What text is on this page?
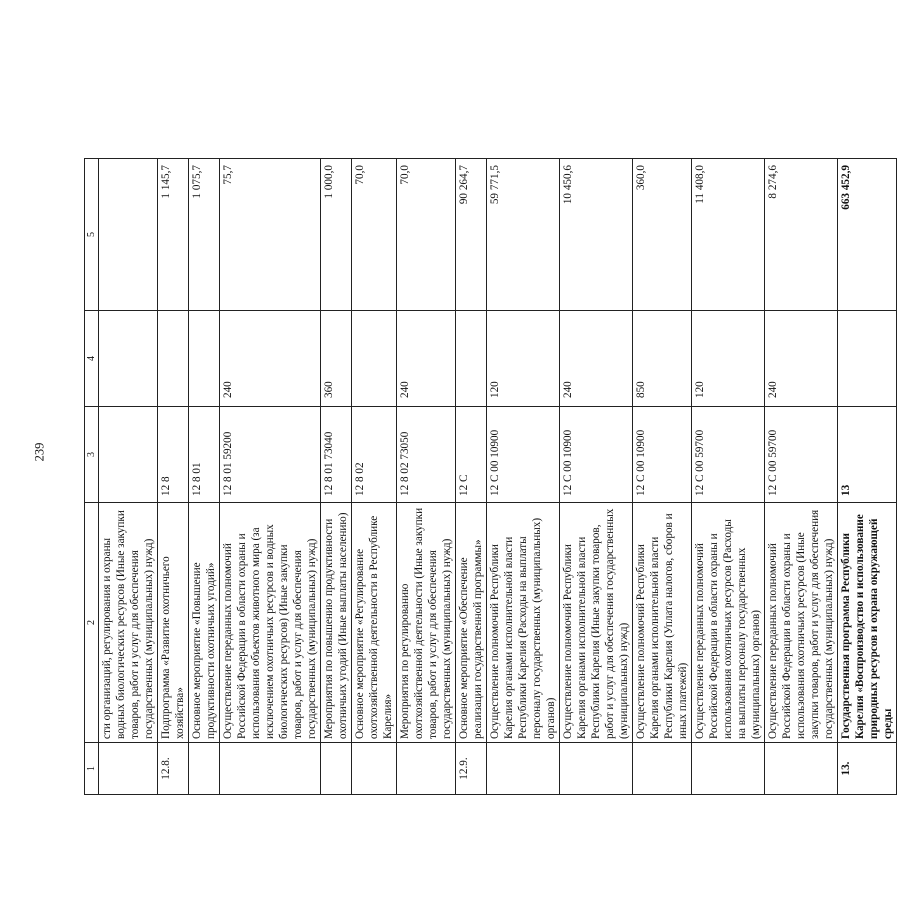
239
1	2	3	4	5
	сти организаций, регулирования и охраны водных биологических ресурсов (Иные закупки товаров, работ и услуг для обеспечения государственных (муниципальных) нужд)			
12.8.	Подпрограмма «Развитие охотничьего хозяйства»	12 8		1 145,7
	Основное мероприятие «Повышение продуктивности охотничьих угодий»	12 8 01		1 075,7
	Осуществление переданных полномочий Российской Федерации в области охраны и использования объектов животного мира (за исключением охотничьих ресурсов и водных биологических ресурсов) (Иные закупки товаров, работ и услуг для обеспечения государственных (муниципальных) нужд)	12 8 01 59200	240	75,7
	Мероприятия по повышению продуктивности охотничьих угодий (Иные выплаты населению)	12 8 01 73040	360	1 000,0
	Основное мероприятие «Регулирование охотхозяйственной деятельности в Республике Карелия»	12 8 02		70,0
	Мероприятия по регулированию охотхозяйственной деятельности (Иные закупки товаров, работ и услуг для обеспечения государственных (муниципальных) нужд)	12 8 02 73050	240	70,0
12.9.	Основное мероприятие «Обеспечение реализации государственной программы»	12 С		90 264,7
	Осуществление полномочий Республики Карелия органами исполнительной власти Республики Карелия (Расходы на выплаты персоналу государственных (муниципальных) органов)	12 С 00 10900	120	59 771,5
	Осуществление полномочий Республики Карелия органами исполнительной власти Республики Карелия (Иные закупки товаров, работ и услуг для обеспечения государственных (муниципальных) нужд)	12 С 00 10900	240	10 450,6
	Осуществление полномочий Республики Карелия органами исполнительной власти Республики Карелия (Уплата налогов, сборов и иных платежей)	12 С 00 10900	850	360,0
	Осуществление переданных полномочий Российской Федерации в области охраны и использования охотничьих ресурсов (Расходы на выплаты персоналу государственных (муниципальных) органов)	12 С 00 59700	120	11 408,0
	Осуществление переданных полномочий Российской Федерации в области охраны и использования охотничьих ресурсов (Иные закупки товаров, работ и услуг для обеспечения государственных (муниципальных) нужд)	12 С 00 59700	240	8 274,6
13.	Государственная программа Республики Карелия «Воспроизводство и использование природных ресурсов и охрана окружающей среды	13		663 452,9
